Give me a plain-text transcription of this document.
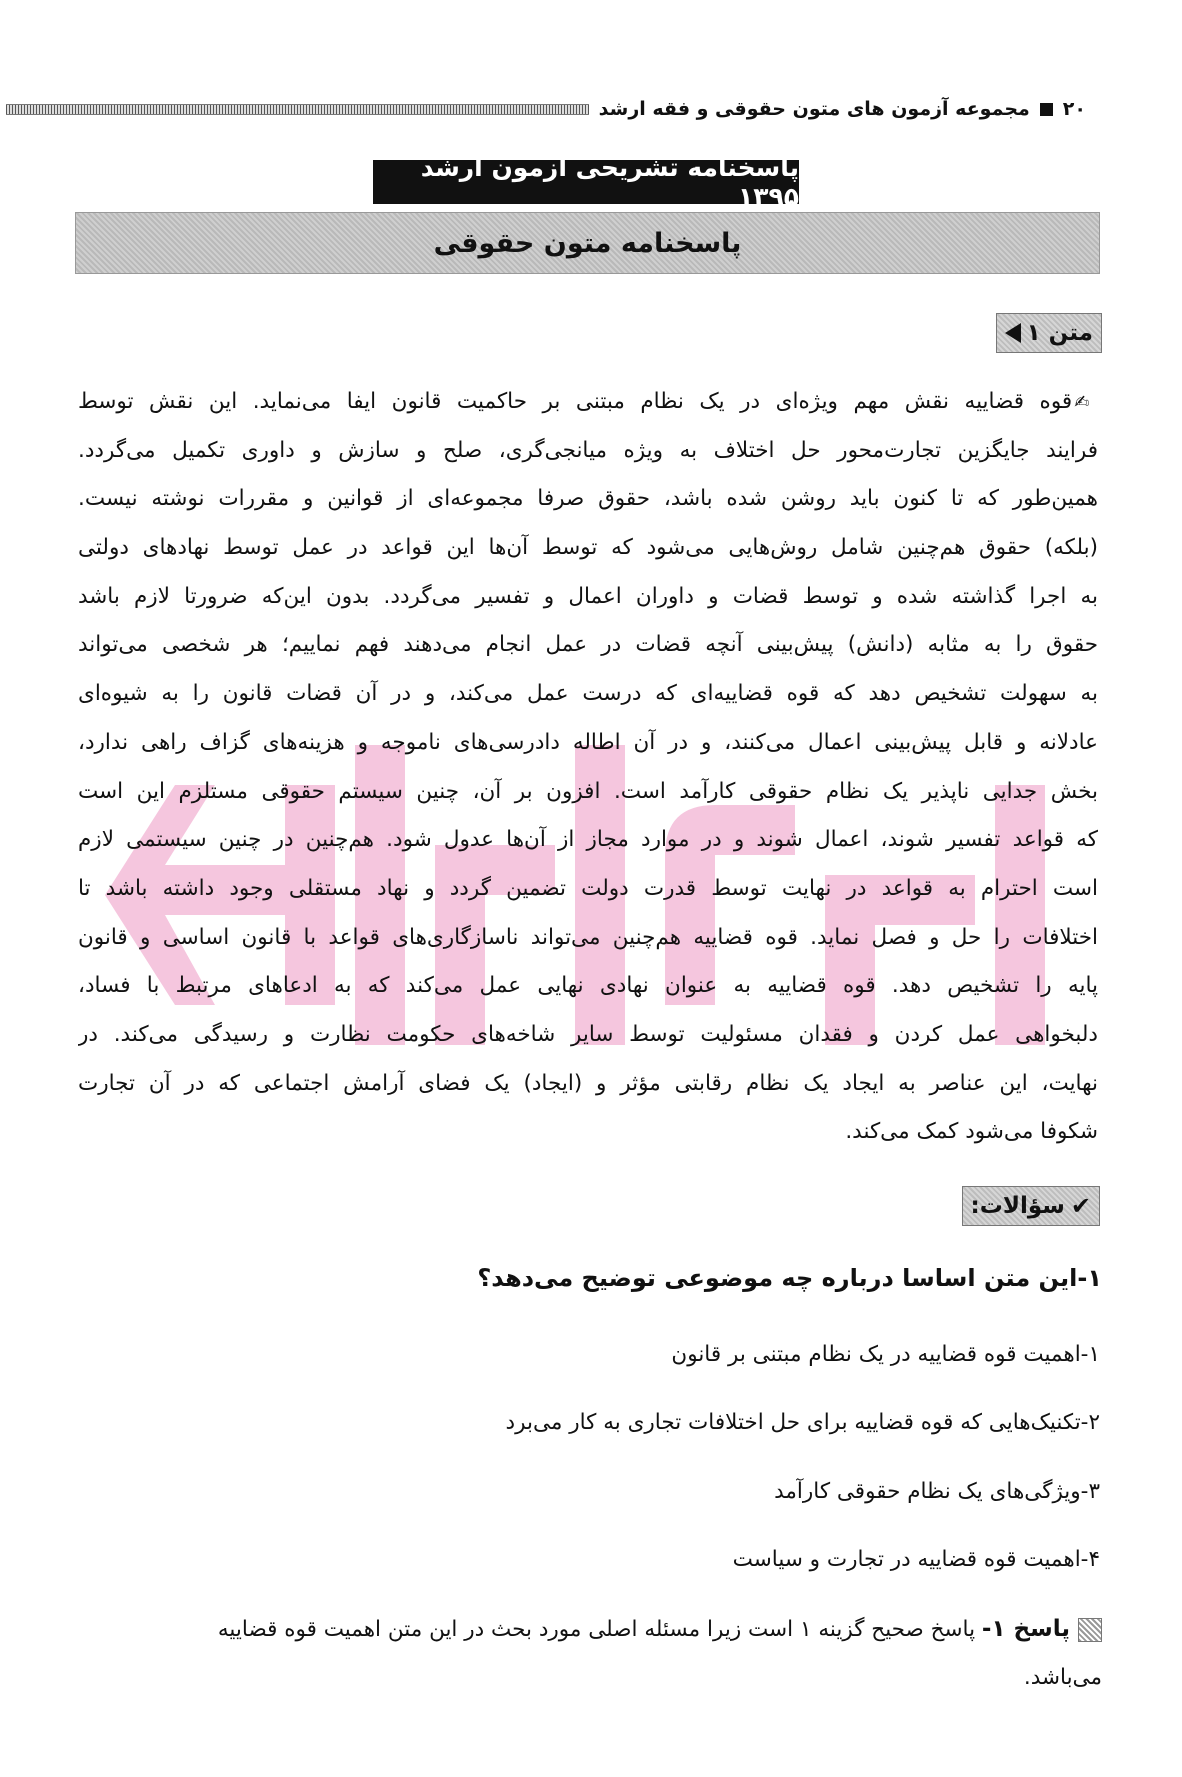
۲۰
مجموعه آزمون های متون حقوقی و فقه ارشد
پاسخنامه تشریحی آزمون ارشد ۱۳۹۵
پاسخنامه متون حقوقی
متن ۱
✍قوه قضاییه نقش مهم ویژه‌ای در یک نظام مبتنی بر حاکمیت قانون ایفا می‌نماید. این نقش توسط
فرایند جایگزین تجارت‌محور حل اختلاف به ویژه میانجی‌گری، صلح و سازش و داوری تکمیل می‌گردد.
همین‌طور که تا کنون باید روشن شده باشد، حقوق صرفا مجموعه‌ای از قوانین و مقررات نوشته نیست.
(بلکه) حقوق هم‌چنین شامل روش‌هایی می‌شود که توسط آن‌ها این قواعد در عمل توسط نهادهای دولتی
به اجرا گذاشته شده و توسط قضات و داوران اعمال و تفسیر می‌گردد. بدون این‌که ضرورتا لازم باشد
حقوق را به مثابه (دانش) پیش‌بینی آنچه قضات در عمل انجام می‌دهند فهم نماییم؛ هر شخصی می‌تواند
به سهولت تشخیص دهد که قوه قضاییه‌ای که درست عمل می‌کند، و در آن قضات قانون را به شیوه‌ای
عادلانه و قابل پیش‌بینی اعمال می‌کنند، و در آن اطاله دادرسی‌های ناموجه و هزینه‌های گزاف راهی ندارد،
بخش جدایی ناپذیر یک نظام حقوقی کارآمد است. افزون بر آن، چنین سیستم حقوقی مستلزم این است
که قواعد تفسیر شوند، اعمال شوند و در موارد مجاز از آن‌ها عدول شود. هم‌چنین در چنین سیستمی لازم
است احترام به قواعد در نهایت توسط قدرت دولت تضمین گردد و نهاد مستقلی وجود داشته باشد تا
اختلافات را حل و فصل نماید. قوه قضاییه هم‌چنین می‌تواند ناسازگاری‌های قواعد با قانون اساسی و قانون
پایه را تشخیص دهد. قوه قضاییه به عنوان نهادی نهایی عمل می‌کند که به ادعاهای مرتبط با فساد،
دلبخواهی عمل کردن و فقدان مسئولیت توسط سایر شاخه‌های حکومت نظارت و رسیدگی می‌کند. در
نهایت، این عناصر به ایجاد یک نظام رقابتی مؤثر و (ایجاد) یک فضای آرامش اجتماعی که در آن تجارت
شکوفا می‌شود کمک می‌کند.
✔
سؤالات:
۱-این متن اساسا درباره چه موضوعی توضیح می‌دهد؟
۱-اهمیت قوه قضاییه در یک نظام مبتنی بر قانون
۲-تکنیک‌هایی که قوه قضاییه برای حل اختلافات تجاری به کار می‌برد
۳-ویژگی‌های یک نظام حقوقی کارآمد
۴-اهمیت قوه قضاییه در تجارت و سیاست
پاسخ ۱- پاسخ صحیح گزینه ۱ است زیرا مسئله اصلی مورد بحث در این متن اهمیت قوه قضاییه
می‌باشد.
